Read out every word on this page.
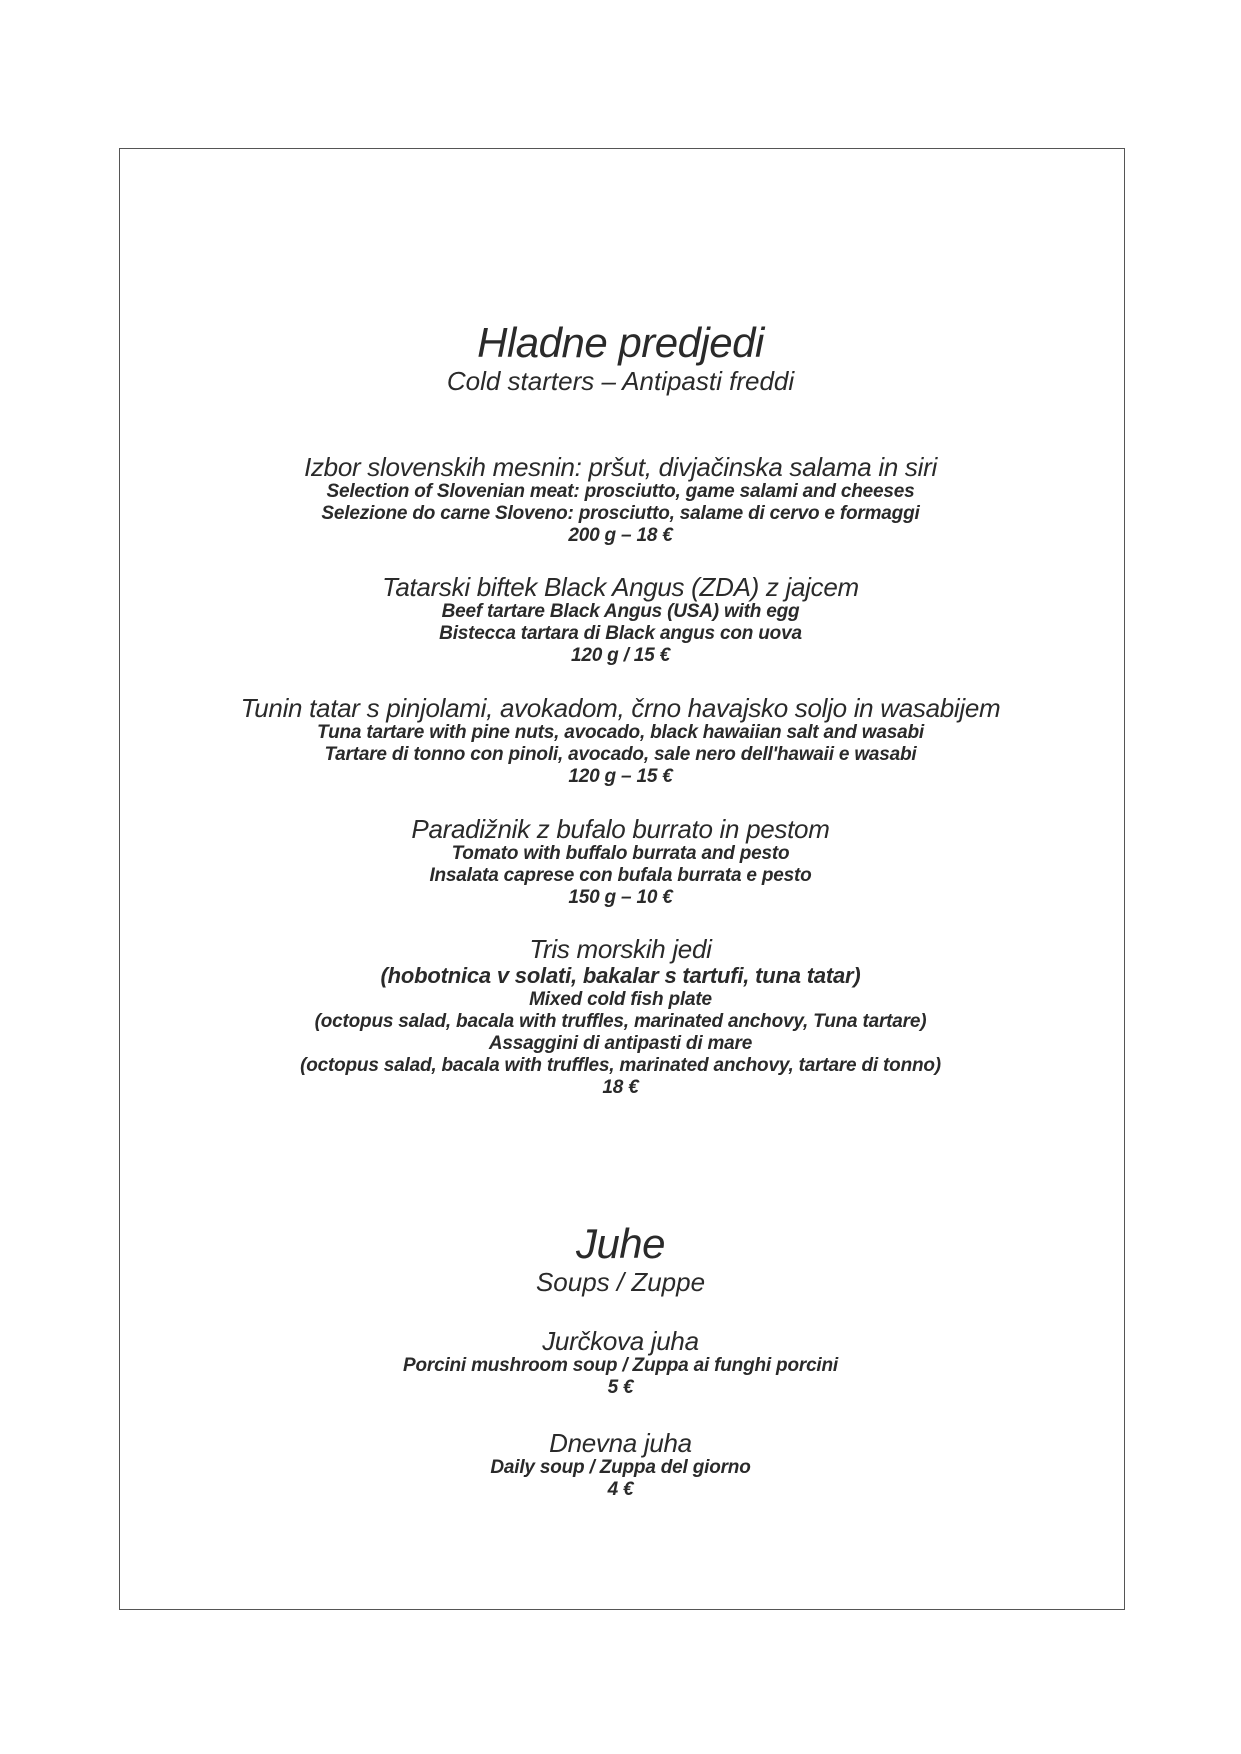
Hladne predjedi

Cold starters – Antipasti freddi

Izbor slovenskih mesnin: pršut, divjačinska salama in siri

Selection of Slovenian meat: prosciutto, game salami and cheeses

Selezione do carne Sloveno: prosciutto, salame di cervo e formaggi

200 g – 18 €

Tatarski biftek Black Angus (ZDA) z jajcem

Beef tartare Black Angus (USA) with egg

Bistecca tartara di Black angus con uova

120 g / 15 €

Tunin tatar s pinjolami, avokadom, črno havajsko soljo in wasabijem

Tuna tartare with pine nuts, avocado, black hawaiian salt and wasabi

Tartare di tonno con pinoli, avocado, sale nero dell'hawaii e wasabi

120 g – 15 €

Paradižnik z bufalo burrato in pestom

Tomato with buffalo burrata and pesto

Insalata caprese con bufala burrata e pesto

150 g – 10 €

Tris morskih jedi

(hobotnica v solati, bakalar s tartufi, tuna tatar)

Mixed cold fish plate

(octopus salad, bacala with truffles, marinated anchovy, Tuna tartare)

Assaggini di antipasti di mare

(octopus salad, bacala with truffles, marinated anchovy, tartare di tonno)

18 €

Juhe

Soups / Zuppe

Jurčkova juha

Porcini mushroom soup / Zuppa ai funghi porcini

5 €

Dnevna juha

Daily soup / Zuppa del giorno

4 €
